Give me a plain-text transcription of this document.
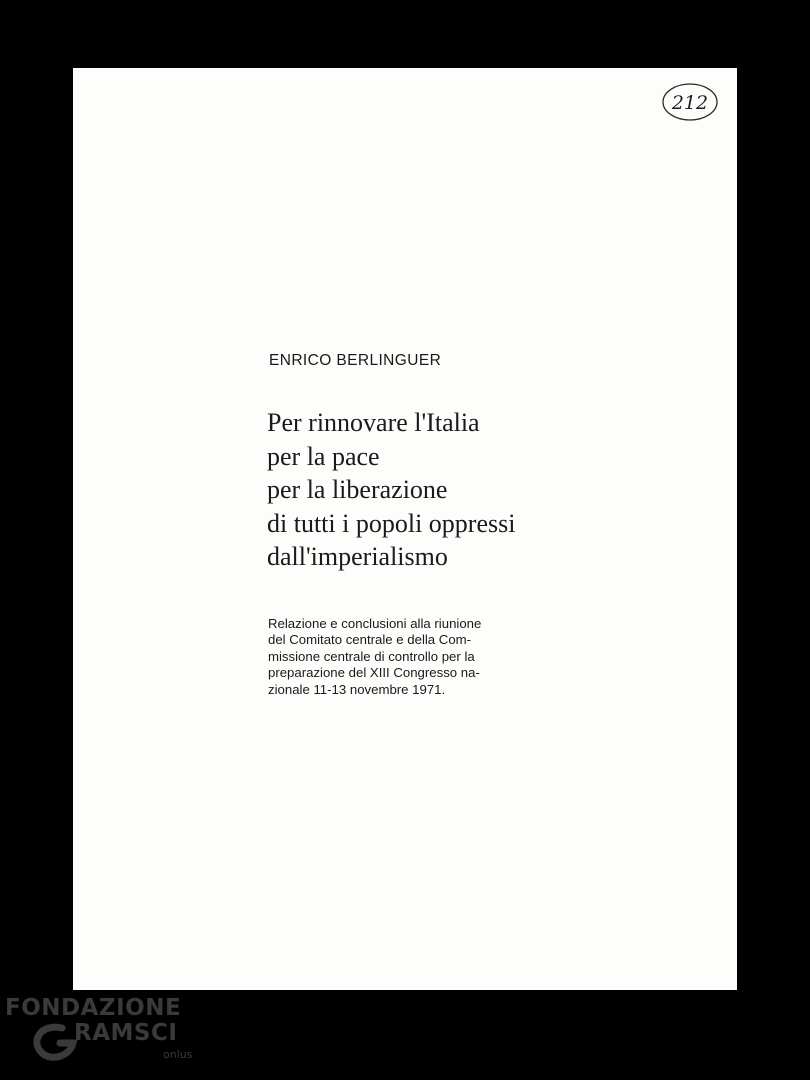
212

ENRICO BERLINGUER

Per rinnovare l'Italia
per la pace
per la liberazione
di tutti i popoli oppressi
dall'imperialismo

Relazione e conclusioni alla riunione
del Comitato centrale e della Com-
missione centrale di controllo per la
preparazione del XIII Congresso na-
zionale 11-13 novembre 1971.

FONDAZIONE
RAMSCI
onlus
